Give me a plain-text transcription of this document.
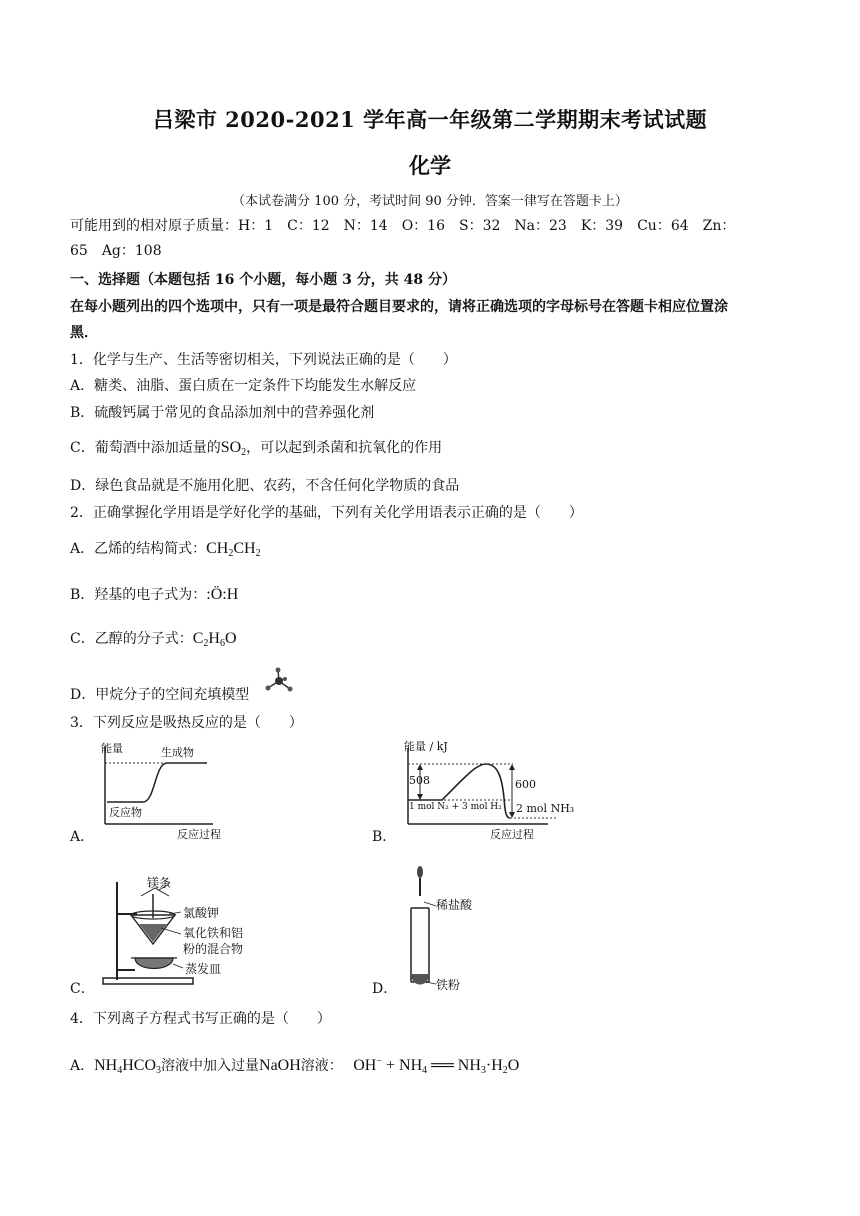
吕梁市 2020-2021 学年高一年级第二学期期末考试试题
化学
（本试卷满分 100 分，考试时间 90 分钟．答案一律写在答题卡上）
可能用到的相对原子质量：H：1　C：12　N：14　O：16　S：32　Na：23　K：39　Cu：64　Zn：
65　Ag：108
一、选择题（本题包括 16 个小题，每小题 3 分，共 48 分）
在每小题列出的四个选项中，只有一项是最符合题目要求的，请将正确选项的字母标号在答题卡相应位置涂
黑．
1．化学与生产、生活等密切相关，下列说法正确的是（　　）
A．糖类、油脂、蛋白质在一定条件下均能发生水解反应
B．硫酸钙属于常见的食品添加剂中的营养强化剂
C．葡萄酒中添加适量的$SO_2$，可以起到杀菌和抗氧化的作用
D．绿色食品就是不施用化肥、农药，不含任何化学物质的食品
2．正确掌握化学用语是学好化学的基础，下列有关化学用语表示正确的是（　　）
A．乙烯的结构简式：$CH_2CH_2$
B．羟基的电子式为：:Ö:H
C．乙醇的分子式：$C_2H_6O$
D．甲烷分子的空间充填模型
3．下列反应是吸热反应的是（　　）
A．
能量	生成物
反应物
反应过程	B．
能量 / kJ
508	600
1 mol N₂ + 3 mol H₂ 2 mol NH₃
反应过程
C．
镁条
氯酸钾
氧化铁和铝
粉的混合物
蒸发皿
D．
稀盐酸
铁粉
4．下列离子方程式书写正确的是（　　）
A．$NH_4HCO_3$溶液中加入过量NaOH溶液： $OH^- + NH_4$ ══ $NH_3\cdot H_2O$
